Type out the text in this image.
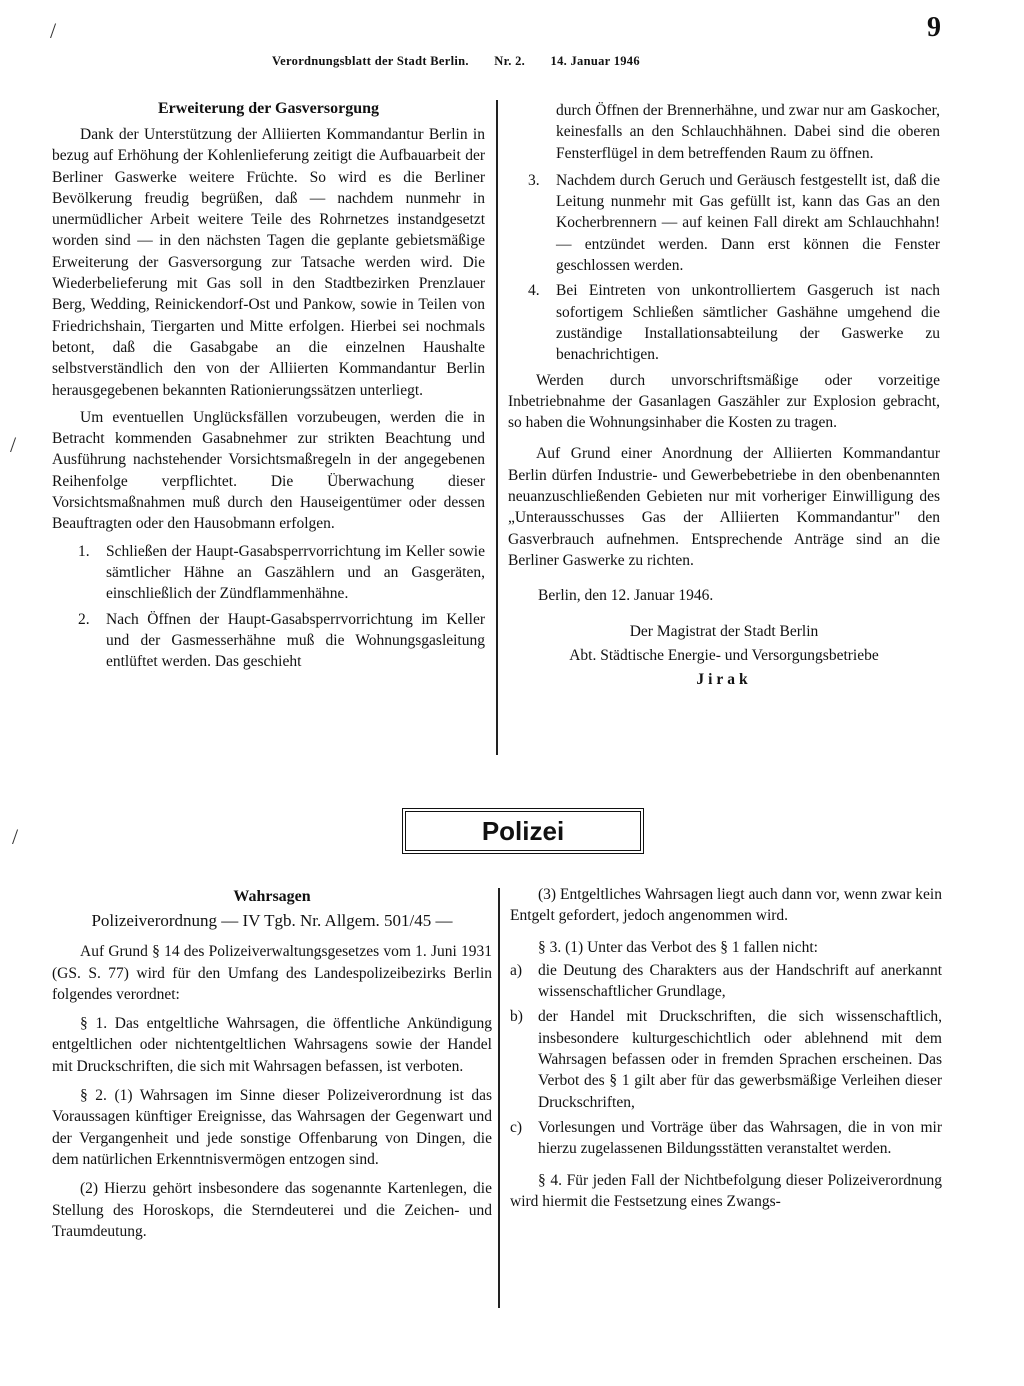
9
Verordnungsblatt der Stadt Berlin. Nr. 2. 14. Januar 1946
/

Erweiterung der Gasversorgung

Dank der Unterstützung der Alliierten Kommandantur Berlin in bezug auf Erhöhung der Kohlenlieferung zeitigt die Aufbauarbeit der Berliner Gaswerke weitere Früchte. So wird es die Berliner Bevölkerung freudig begrüßen, daß — nachdem nunmehr in unermüdlicher Arbeit weitere Teile des Rohrnetzes instandgesetzt worden sind — in den nächsten Tagen die geplante gebietsmäßige Erweiterung der Gasversorgung zur Tatsache werden wird. Die Wiederbelieferung mit Gas soll in den Stadtbezirken Prenzlauer Berg, Wedding, Reinickendorf-Ost und Pankow, sowie in Teilen von Friedrichshain, Tiergarten und Mitte erfolgen. Hierbei sei nochmals betont, daß die Gasabgabe an die einzelnen Haushalte selbstverständlich den von der Alliierten Kommandantur Berlin herausgegebenen bekannten Rationierungssätzen unterliegt.

Um eventuellen Unglücksfällen vorzubeugen, werden die in Betracht kommenden Gasabnehmer zur strikten Beachtung und Ausführung nachstehender Vorsichtsmaßregeln in der angegebenen Reihenfolge verpflichtet. Die Überwachung dieser Vorsichtsmaßnahmen muß durch den Hauseigentümer oder dessen Beauftragten oder den Hausobmann erfolgen.

1.	Schließen der Haupt-Gasabsperrvorrichtung im Keller sowie sämtlicher Hähne an Gaszählern und an Gasgeräten, einschließlich der Zündflammenhähne.

2.	Nach Öffnen der Haupt-Gasabsperrvorrichtung im Keller und der Gasmesserhähne muß die Wohnungsgasleitung entlüftet werden. Das geschieht

durch Öffnen der Brennerhähne, und zwar nur am Gaskocher, keinesfalls an den Schlauchhähnen. Dabei sind die oberen Fensterflügel in dem betreffenden Raum zu öffnen.

3.	Nachdem durch Geruch und Geräusch festgestellt ist, daß die Leitung nunmehr mit Gas gefüllt ist, kann das Gas an den Kocherbrennern — auf keinen Fall direkt am Schlauchhahn! — entzündet werden. Dann erst können die Fenster geschlossen werden.

4.	Bei Eintreten von unkontrolliertem Gasgeruch ist nach sofortigem Schließen sämtlicher Gashähne umgehend die zuständige Installationsabteilung der Gaswerke zu benachrichtigen.

Werden durch unvorschriftsmäßige oder vorzeitige Inbetriebnahme der Gasanlagen Gaszähler zur Explosion gebracht, so haben die Wohnungsinhaber die Kosten zu tragen.

Auf Grund einer Anordnung der Alliierten Kommandantur Berlin dürfen Industrie- und Gewerbebetriebe in den obenbenannten neuanzuschließenden Gebieten nur mit vorheriger Einwilligung des „Unterausschusses Gas der Alliierten Kommandantur" den Gasverbrauch aufnehmen. Entsprechende Anträge sind an die Berliner Gaswerke zu richten.

Berlin, den 12. Januar 1946.

Der Magistrat der Stadt Berlin

Abt. Städtische Energie- und Versorgungsbetriebe

Jirak

/
/	Polizei

Wahrsagen

Polizeiverordnung — IV Tgb. Nr. Allgem. 501/45 —

Auf Grund § 14 des Polizeiverwaltungsgesetzes vom 1. Juni 1931 (GS. S. 77) wird für den Umfang des Landespolizeibezirks Berlin folgendes verordnet:

§ 1. Das entgeltliche Wahrsagen, die öffentliche Ankündigung entgeltlichen oder nichtentgeltlichen Wahrsagens sowie der Handel mit Druckschriften, die sich mit Wahrsagen befassen, ist verboten.

§ 2. (1) Wahrsagen im Sinne dieser Polizeiverordnung ist das Voraussagen künftiger Ereignisse, das Wahrsagen der Gegenwart und der Vergangenheit und jede sonstige Offenbarung von Dingen, die dem natürlichen Erkenntnisvermögen entzogen sind.

(2) Hierzu gehört insbesondere das sogenannte Kartenlegen, die Stellung des Horoskops, die Sterndeuterei und die Zeichen- und Traumdeutung.

(3) Entgeltliches Wahrsagen liegt auch dann vor, wenn zwar kein Entgelt gefordert, jedoch angenommen wird.

§ 3. (1) Unter das Verbot des § 1 fallen nicht:

a)	die Deutung des Charakters aus der Handschrift auf anerkannt wissenschaftlicher Grundlage,

b) der Handel mit Druckschriften, die sich wissenschaftlich, insbesondere kulturgeschichtlich oder ablehnend mit dem Wahrsagen befassen oder in fremden Sprachen erscheinen. Das Verbot des § 1 gilt aber für das gewerbsmäßige Verleihen dieser Druckschriften,

c)	Vorlesungen und Vorträge über das Wahrsagen, die in von mir hierzu zugelassenen Bildungsstätten veranstaltet werden.

§ 4. Für jeden Fall der Nichtbefolgung dieser Polizeiverordnung wird hiermit die Festsetzung eines Zwangs-
